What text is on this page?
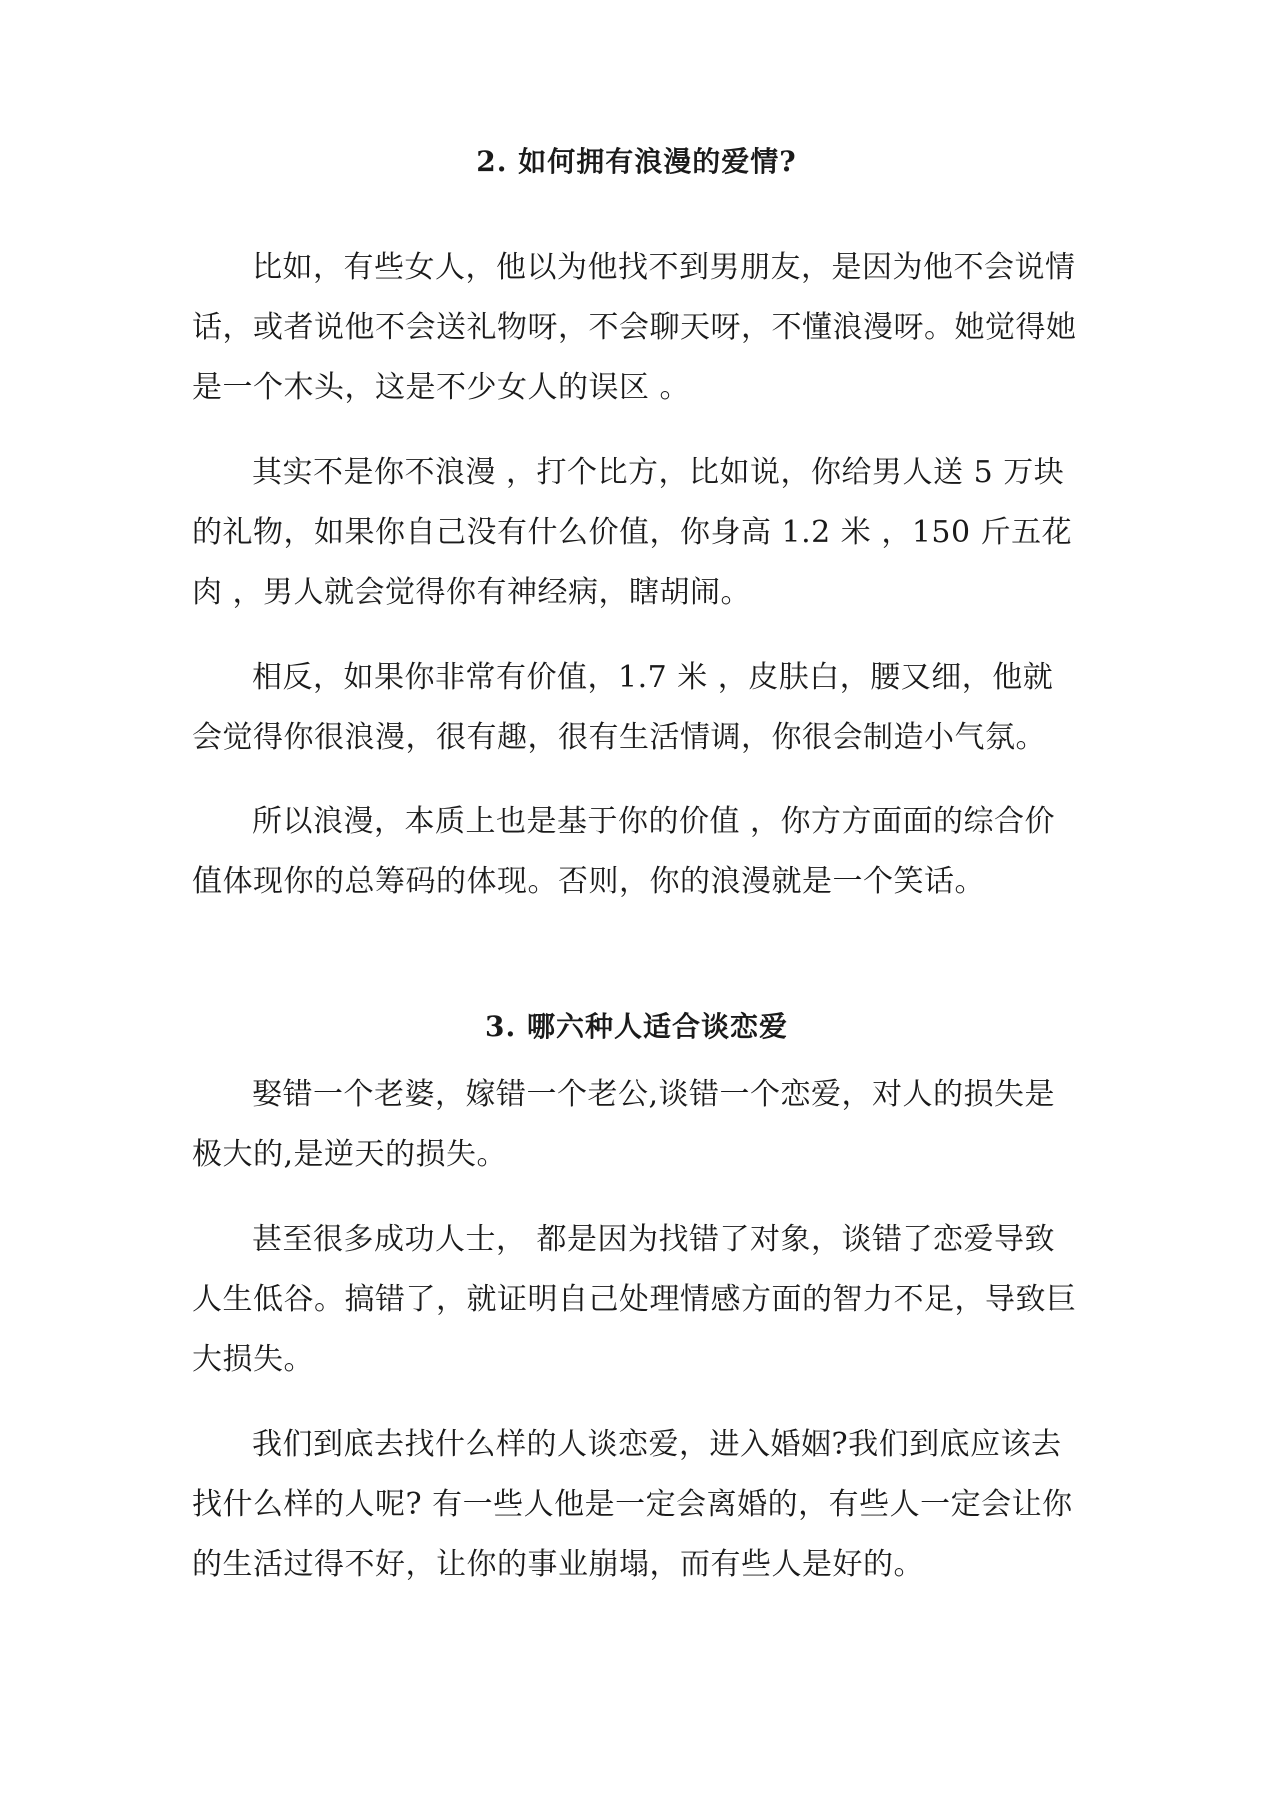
2. 如何拥有浪漫的爱情?

比如，有些女人，他以为他找不到男朋友，是因为他不会说情话，或者说他不会送礼物呀，不会聊天呀，不懂浪漫呀。她觉得她是一个木头，这是不少女人的误区 。

其实不是你不浪漫 ，打个比方，比如说，你给男人送 5 万块的礼物，如果你自己没有什么价值，你身高 1.2 米 ，150 斤五花肉 ，男人就会觉得你有神经病，瞎胡闹。

相反，如果你非常有价值，1.7 米 ，皮肤白，腰又细，他就会觉得你很浪漫，很有趣，很有生活情调，你很会制造小气氛。

所以浪漫，本质上也是基于你的价值 ，你方方面面的综合价值体现你的总筹码的体现。否则，你的浪漫就是一个笑话。

3. 哪六种人适合谈恋爱

娶错一个老婆，嫁错一个老公,谈错一个恋爱，对人的损失是极大的,是逆天的损失。

甚至很多成功人士， 都是因为找错了对象，谈错了恋爱导致人生低谷。搞错了，就证明自己处理情感方面的智力不足，导致巨大损失。

我们到底去找什么样的人谈恋爱，进入婚姻?我们到底应该去找什么样的人呢? 有一些人他是一定会离婚的，有些人一定会让你的生活过得不好，让你的事业崩塌，而有些人是好的。
